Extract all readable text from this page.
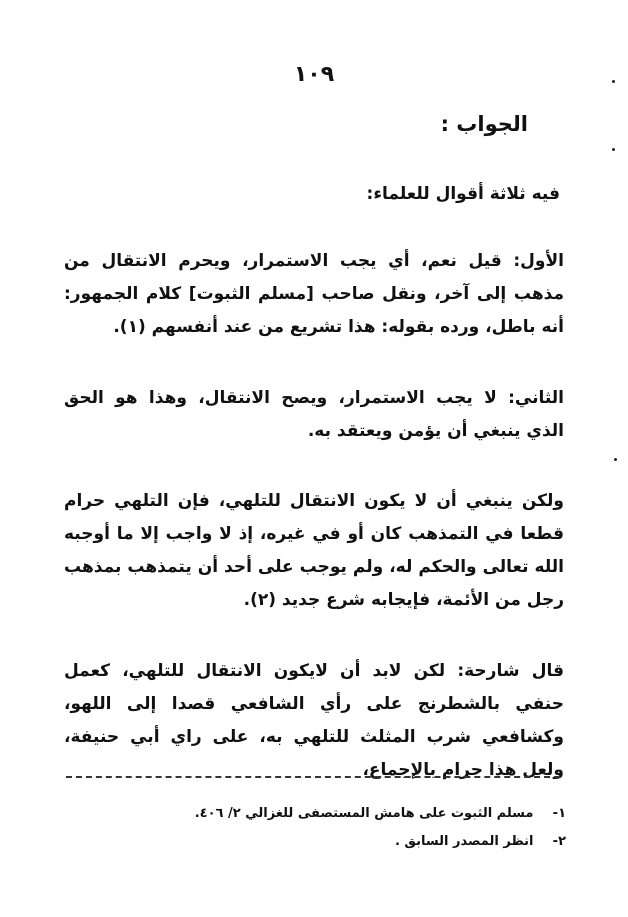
١٠٩
الجواب :

فيه ثلاثة أقوال للعلماء:

الأول: قيل نعم، أي يجب الاستمرار، ويحرم الانتقال من مذهب إلى آخر، ونقل صاحب [مسلم الثبوت] كلام الجمهور: أنه باطل، ورده بقوله: هذا تشريع من عند أنفسهم (١).

الثاني: لا يجب الاستمرار، ويصح الانتقال، وهذا هو الحق الذي ينبغي أن يؤمن ويعتقد به.

ولكن ينبغي أن لا يكون الانتقال للتلهي، فإن التلهي حرام قطعا في التمذهب كان أو في غيره، إذ لا واجب إلا ما أوجبه الله تعالى والحكم له، ولم يوجب على أحد أن يتمذهب بمذهب رجل من الأئمة، فإيجابه شرع جديد (٢).

قال شارحة: لكن لابد أن لايكون الانتقال للتلهي، كعمل حنفي بالشطرنج على رأي الشافعي قصدا إلى اللهو، وكشافعي شرب المثلث للتلهي به، على راي أبي حنيفة، ولعل هذا حرام بالإجماع،

١- مسلم الثبوت على هامش المستصفى للغزالي ٢/ ٤٠٦.
٢- انظر المصدر السابق .
